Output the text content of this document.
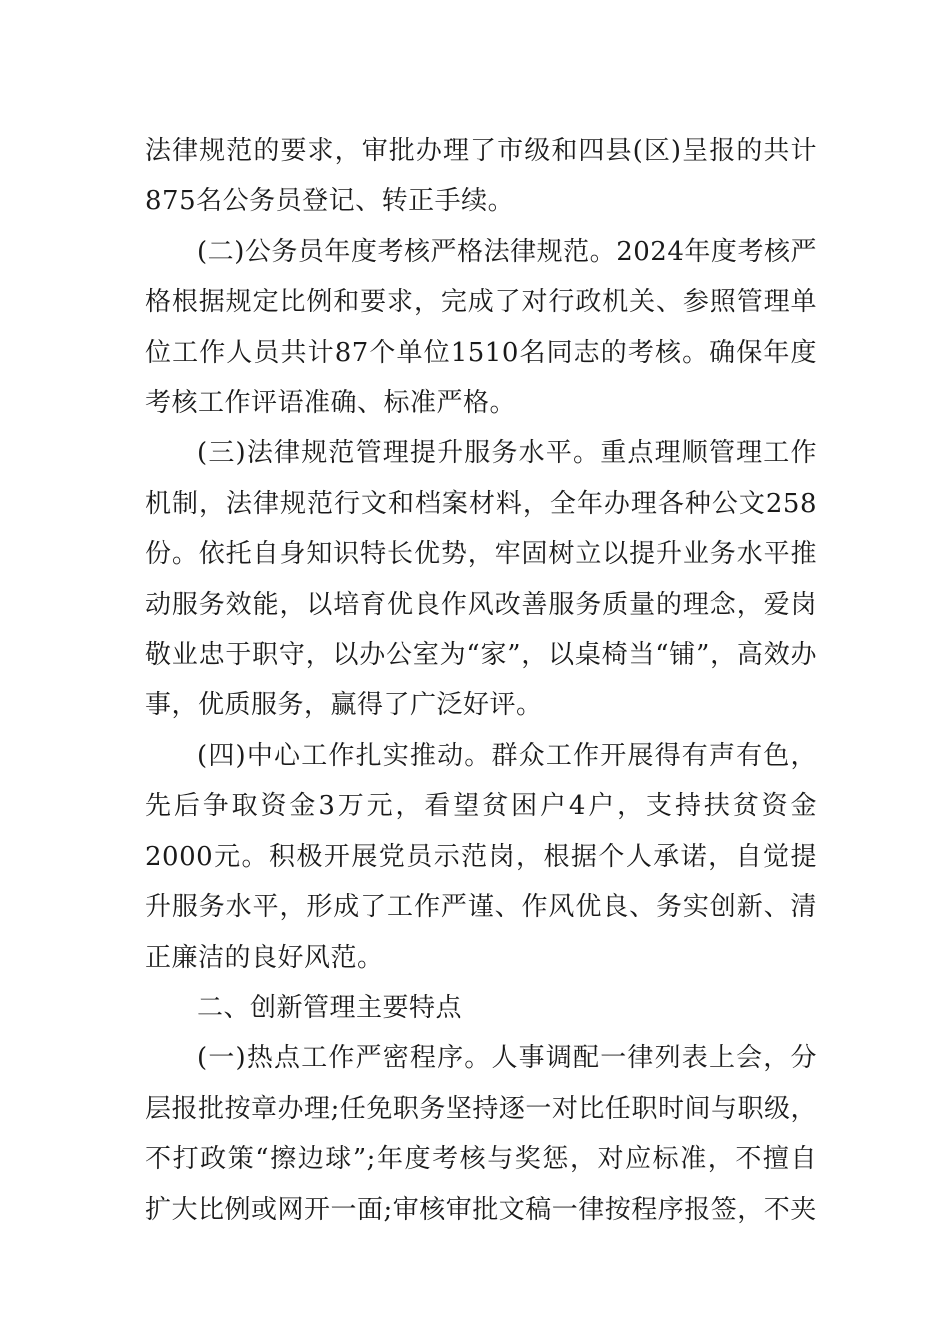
法律规范的要求，审批办理了市级和四县(区)呈报的共计875名公务员登记、转正手续。

(二)公务员年度考核严格法律规范。2024年度考核严格根据规定比例和要求，完成了对行政机关、参照管理单位工作人员共计87个单位1510名同志的考核。确保年度考核工作评语准确、标准严格。

(三)法律规范管理提升服务水平。重点理顺管理工作机制，法律规范行文和档案材料，全年办理各种公文258份。依托自身知识特长优势，牢固树立以提升业务水平推动服务效能，以培育优良作风改善服务质量的理念，爱岗敬业忠于职守，以办公室为“家”，以桌椅当“铺”，高效办事，优质服务，赢得了广泛好评。

(四)中心工作扎实推动。群众工作开展得有声有色，先后争取资金3万元，看望贫困户4户，支持扶贫资金2000元。积极开展党员示范岗，根据个人承诺，自觉提升服务水平，形成了工作严谨、作风优良、务实创新、清正廉洁的良好风范。

二、创新管理主要特点

(一)热点工作严密程序。人事调配一律列表上会，分层报批按章办理;任免职务坚持逐一对比任职时间与职级，不打政策“擦边球”;年度考核与奖惩，对应标准，不擅自扩大比例或网开一面;审核审批文稿一律按程序报签，不夹
